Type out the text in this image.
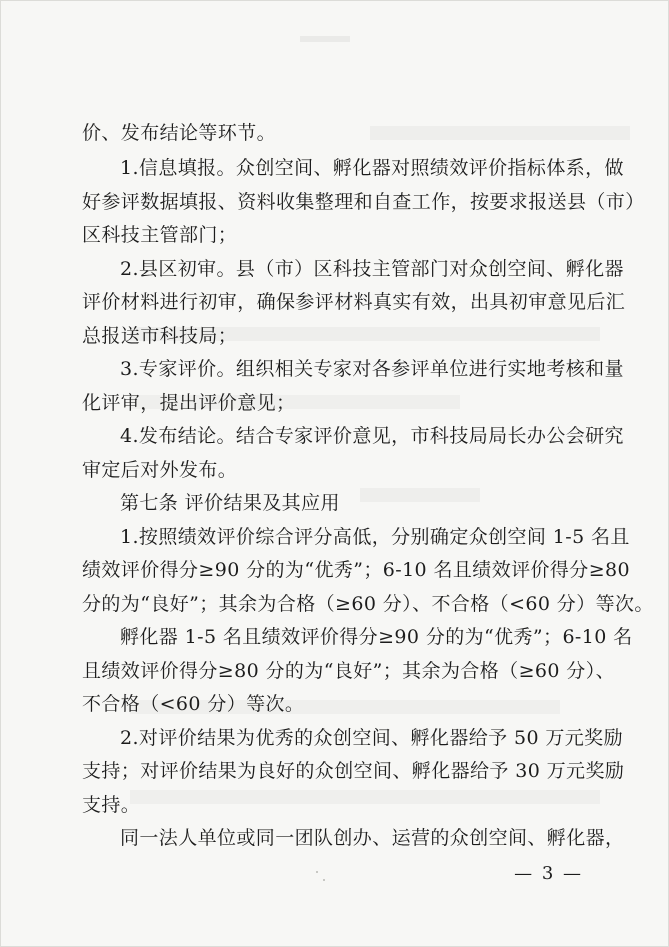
价、发布结论等环节。
1.信息填报。众创空间、孵化器对照绩效评价指标体系，做
好参评数据填报、资料收集整理和自查工作，按要求报送县（市）
区科技主管部门；
2.县区初审。县（市）区科技主管部门对众创空间、孵化器
评价材料进行初审，确保参评材料真实有效，出具初审意见后汇
总报送市科技局；
3.专家评价。组织相关专家对各参评单位进行实地考核和量
化评审，提出评价意见；
4.发布结论。结合专家评价意见，市科技局局长办公会研究
审定后对外发布。
第七条 评价结果及其应用
1.按照绩效评价综合评分高低，分别确定众创空间 1-5 名且
绩效评价得分≥90 分的为“优秀”；6-10 名且绩效评价得分≥80
分的为“良好”；其余为合格（≥60 分）、不合格（<60 分）等次。
孵化器 1-5 名且绩效评价得分≥90 分的为“优秀”；6-10 名
且绩效评价得分≥80 分的为“良好”；其余为合格（≥60 分）、
不合格（<60 分）等次。
2.对评价结果为优秀的众创空间、孵化器给予 50 万元奖励
支持；对评价结果为良好的众创空间、孵化器给予 30 万元奖励
支持。
同一法人单位或同一团队创办、运营的众创空间、孵化器，
— 3 —
